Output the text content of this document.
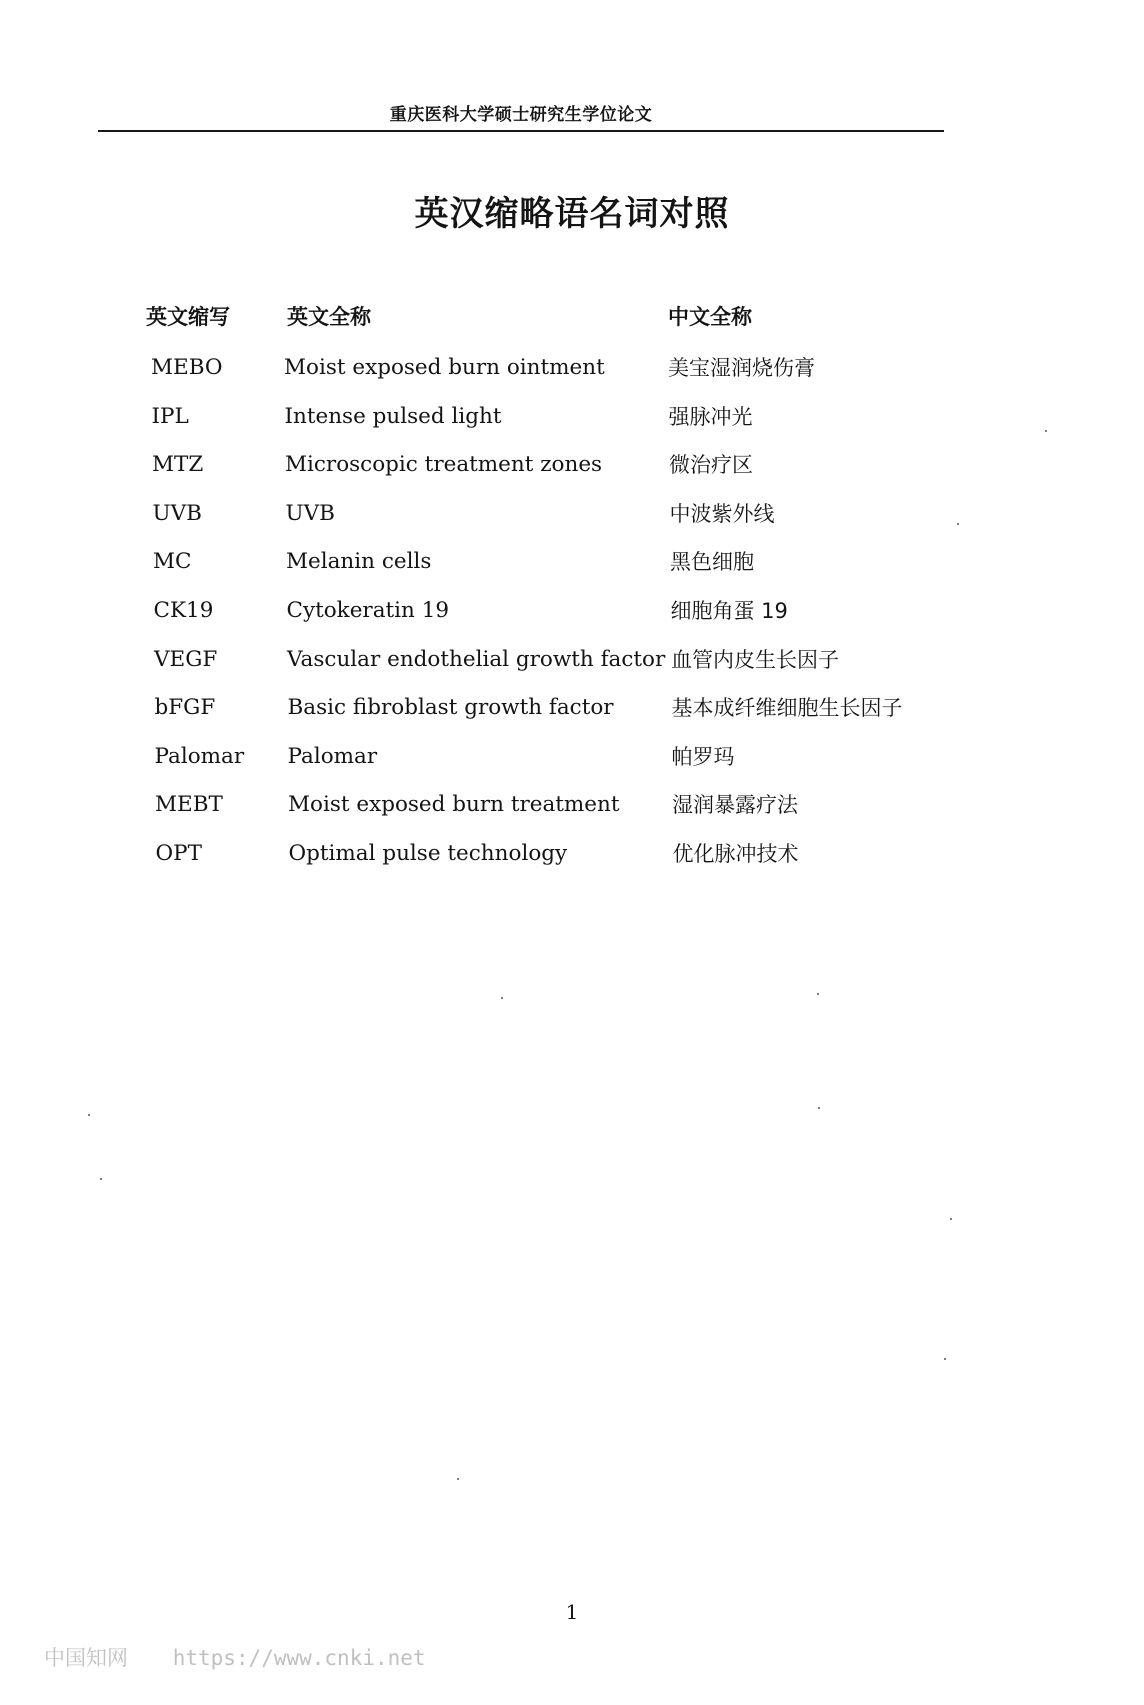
重庆医科大学硕士研究生学位论文
英汉缩略语名词对照
英文缩写	英文全称	中文全称
MEBO	Moist exposed burn ointment	美宝湿润烧伤膏
IPL	Intense pulsed light	强脉冲光
MTZ	Microscopic treatment zones	微治疗区
UVB	UVB	中波紫外线
MC	Melanin cells	黑色细胞
CK19	Cytokeratin 19	细胞角蛋 19
VEGF	Vascular endothelial growth factor 血管内皮生长因子
bFGF	Basic fibroblast growth factor	基本成纤维细胞生长因子
Palomar Palomar	帕罗玛
MEBT	Moist exposed burn treatment 湿润暴露疗法
OPT	Optimal pulse technology	优化脉冲技术
1
中国知网 https://www.cnki.net
